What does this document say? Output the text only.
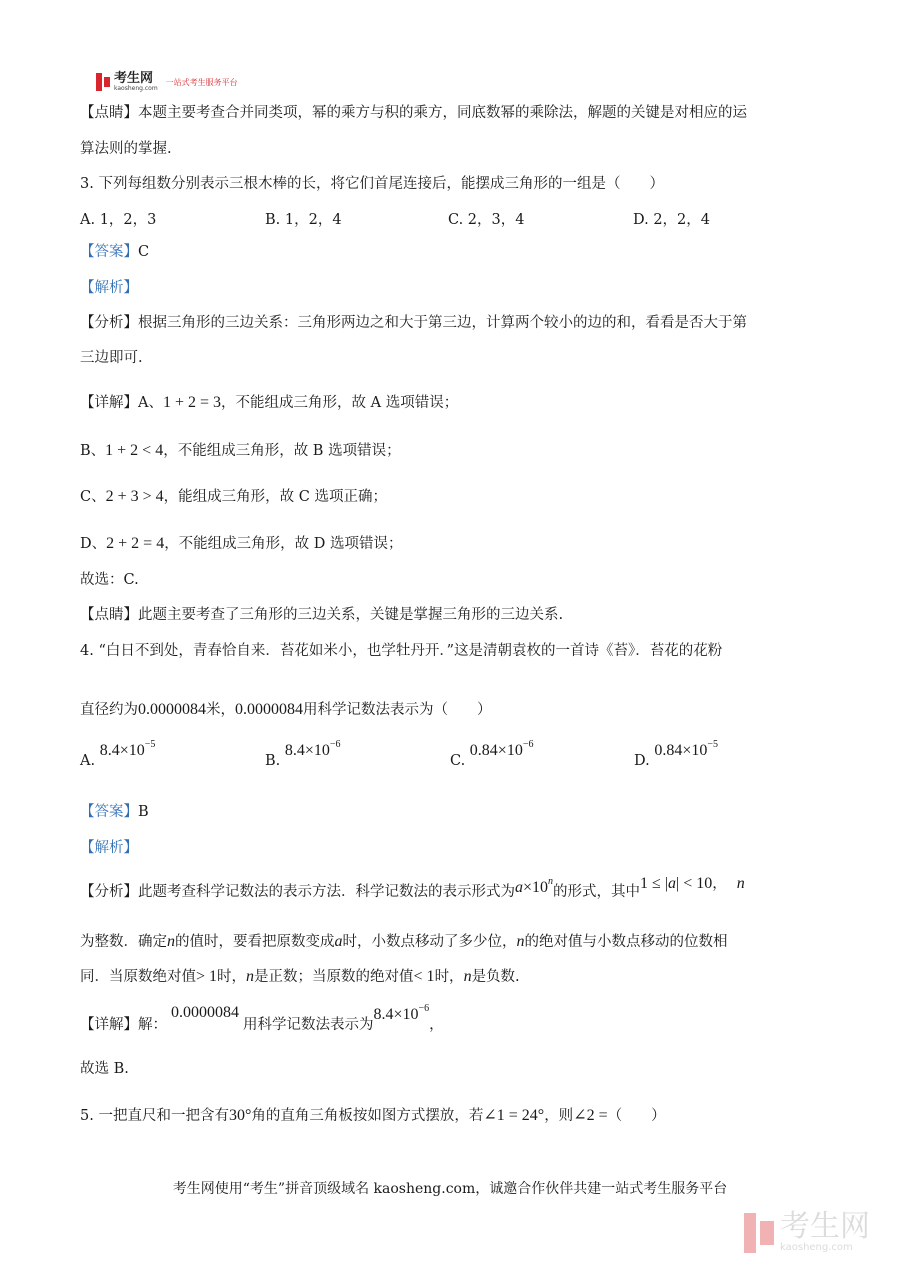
考生网
kaosheng.com
一站式考生服务平台
【点睛】本题主要考查合并同类项，幂的乘方与积的乘方，同底数幂的乘除法，解题的关键是对相应的运
算法则的掌握.
3. 下列每组数分别表示三根木棒的长，将它们首尾连接后，能摆成三角形的一组是（　　）
A. 1，2，3	B. 1，2，4	C. 2，3，4	D. 2，2，4
【答案】C
【解析】
【分析】根据三角形的三边关系：三角形两边之和大于第三边，计算两个较小的边的和，看看是否大于第
三边即可.
【详解】A、1 + 2 = 3，不能组成三角形，故 A 选项错误；
B、1 + 2 < 4，不能组成三角形，故 B 选项错误；
C、2 + 3 > 4，能组成三角形，故 C 选项正确；
D、2 + 2 = 4，不能组成三角形，故 D 选项错误；
故选：C.
【点睛】此题主要考查了三角形的三边关系，关键是掌握三角形的三边关系.
4. “白日不到处，青春恰自来．苔花如米小，也学牡丹开．”这是清朝袁枚的一首诗《苔》．苔花的花粉
直径约为0.0000084米，0.0000084用科学记数法表示为（　　）
A. $8.4\times 10^{-5}$
B. $8.4\times 10^{-6}$
C. $0.84\times 10^{-6}$
D. $0.84\times 10^{-5}$
【答案】B
【解析】
【分析】此题考查科学记数法的表示方法．科学记数法的表示形式为$a\times 10^n$的形式，其中1 ≤ |a| < 10， n
为整数．确定n的值时，要看把原数变成a时，小数点移动了多少位，n的绝对值与小数点移动的位数相
同．当原数绝对值> 1时，n是正数；当原数的绝对值< 1时，n是负数.
【详解】解：0.0000084用科学记数法表示为$8.4\times 10^{-6}$，
故选 B.
5. 一把直尺和一把含有30°角的直角三角板按如图方式摆放，若∠1 = 24°，则∠2 =（　　）
考生网使用“考生”拼音顶级域名 kaosheng.com，诚邀合作伙伴共建一站式考生服务平台
考生网
kaosheng.com
